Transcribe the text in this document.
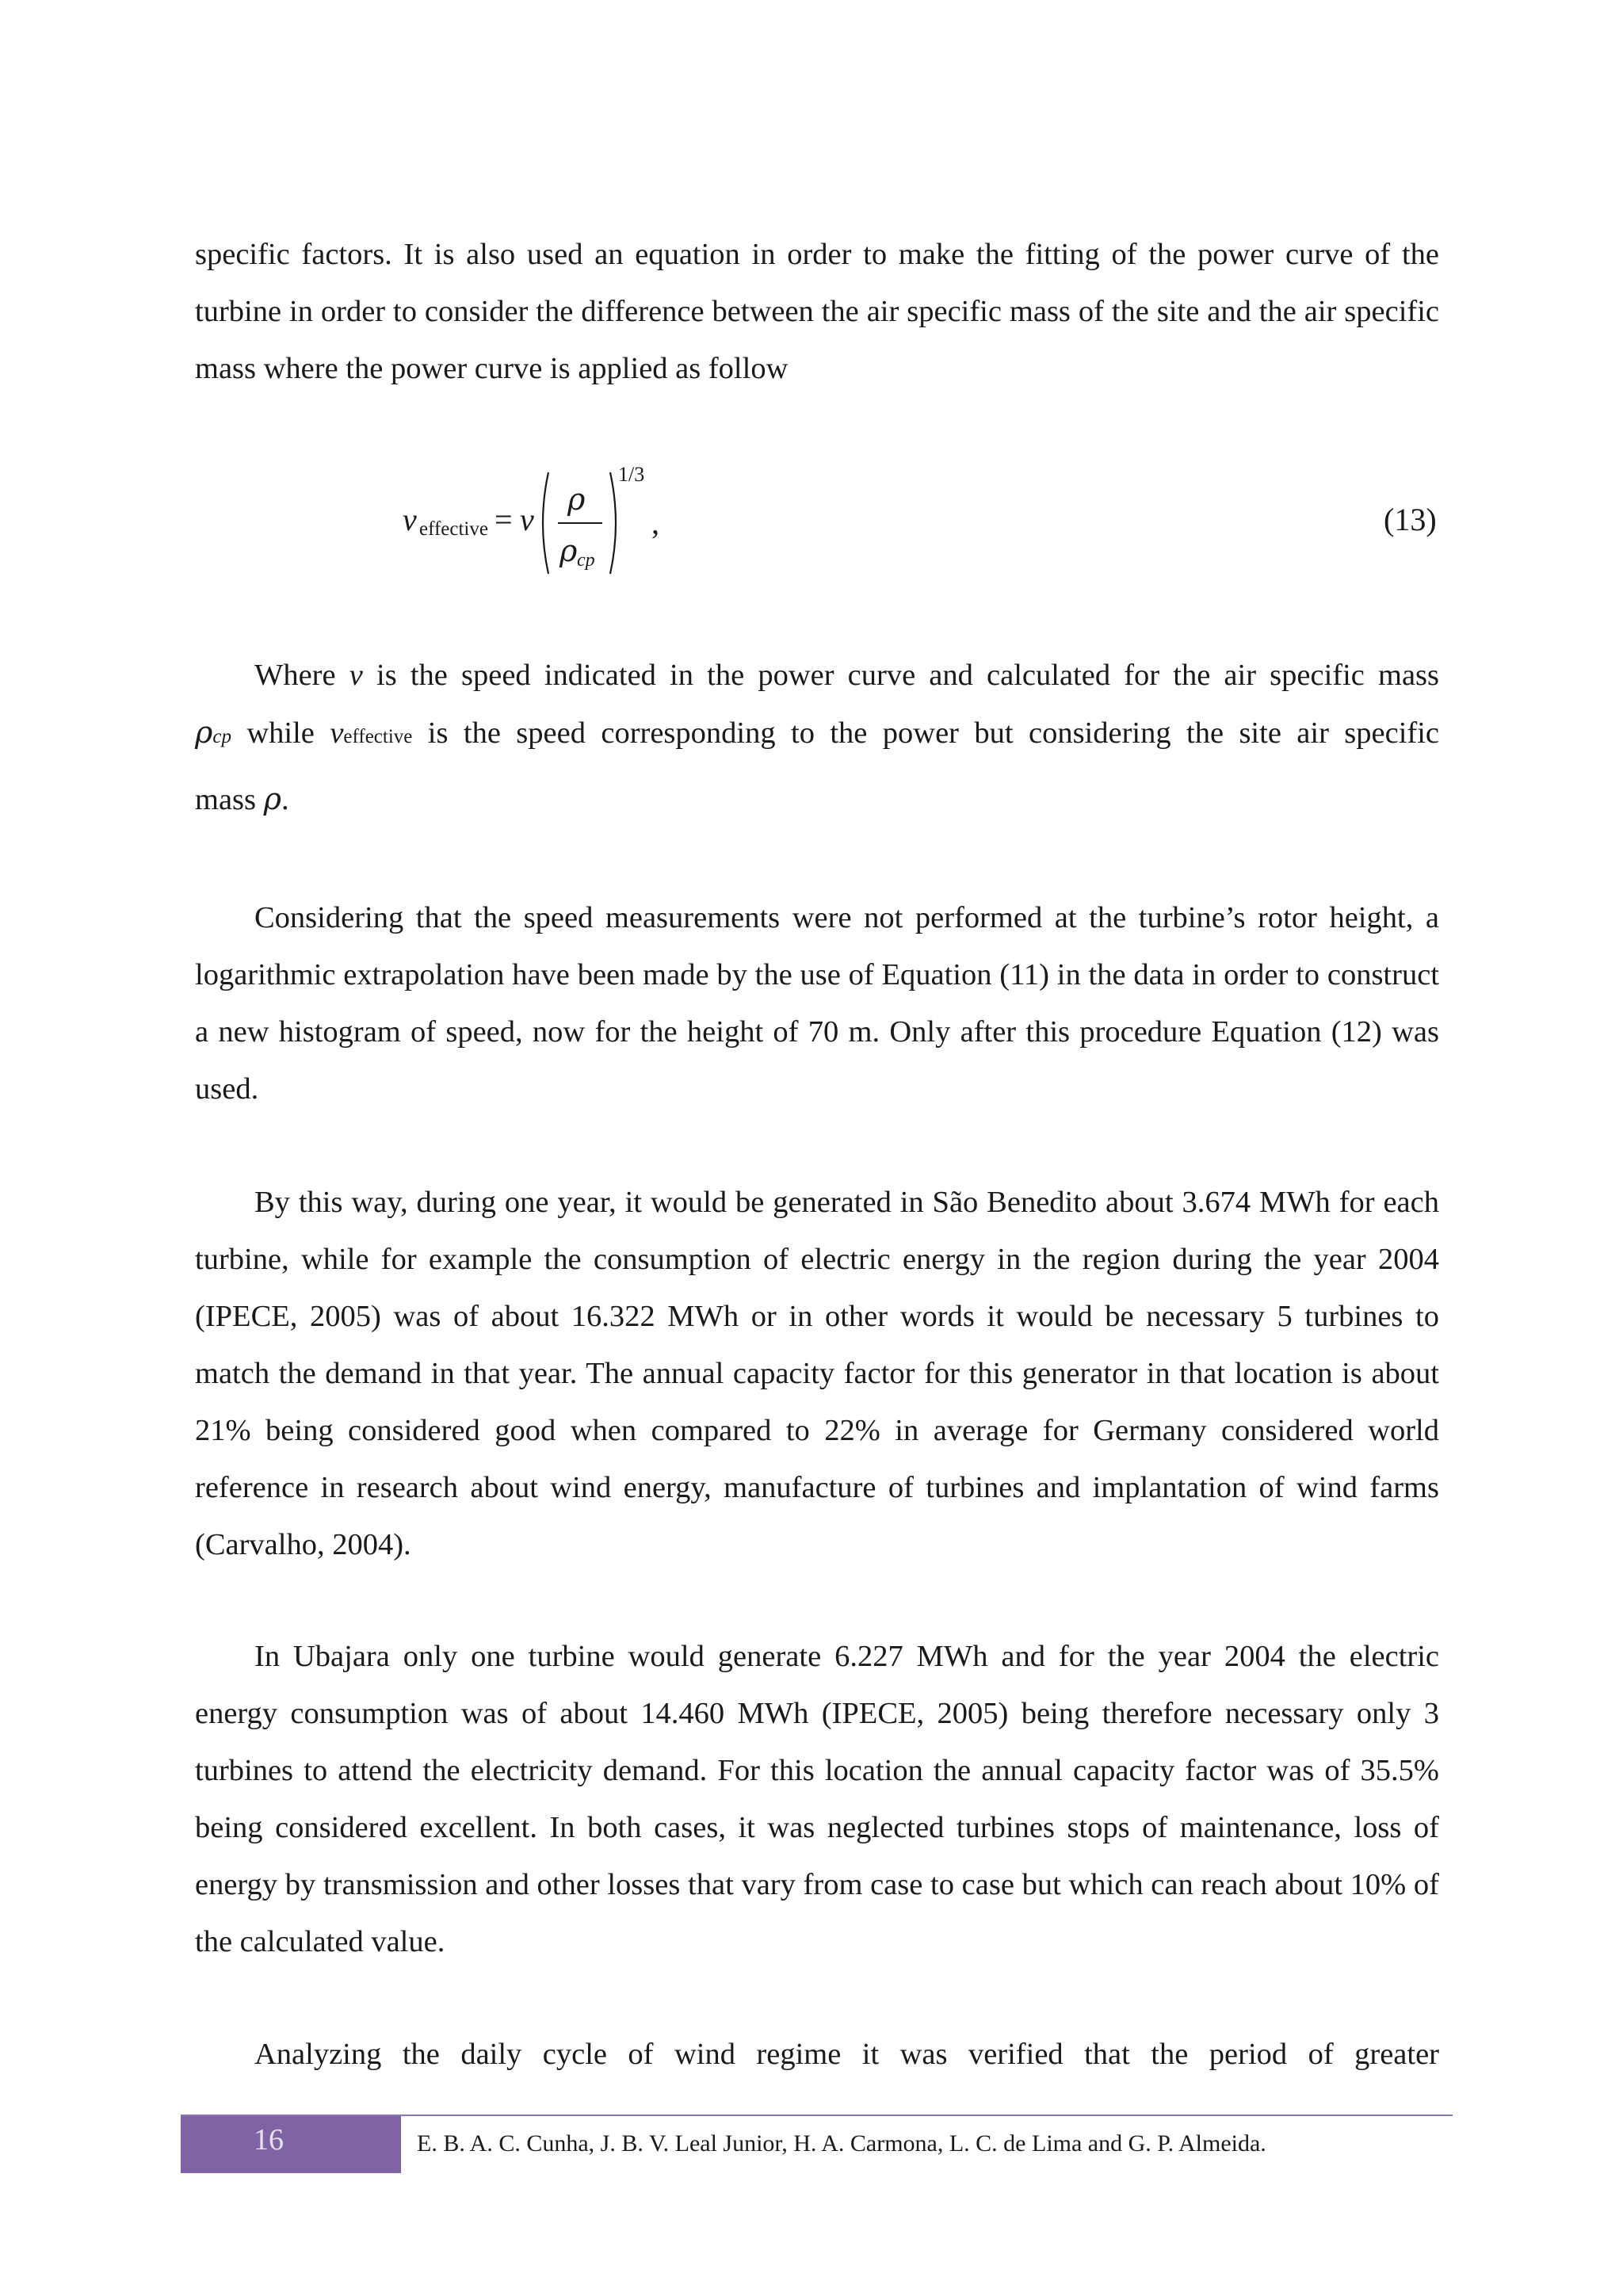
specific factors. It is also used an equation in order to make the fitting of the power curve of the turbine in order to consider the difference between the air specific mass of the site and the air specific mass where the power curve is applied as follow

v effective = v
ρ
ρ cp
1/3
,	(13)
Where v is the speed indicated in the power curve and calculated for the air specific mass
ρcp while veffective is the speed corresponding to the power but considering the site air specific
mass ρ.

Considering that the speed measurements were not performed at the turbine’s rotor height, a logarithmic extrapolation have been made by the use of Equation (11) in the data in order to construct a new histogram of speed, now for the height of 70 m. Only after this procedure Equation (12) was used.

By this way, during one year, it would be generated in São Benedito about 3.674 MWh for each turbine, while for example the consumption of electric energy in the region during the year 2004 (IPECE, 2005) was of about 16.322 MWh or in other words it would be necessary 5 turbines to match the demand in that year. The annual capacity factor for this generator in that location is about 21% being considered good when compared to 22% in average for Germany considered world reference in research about wind energy, manufacture of turbines and implantation of wind farms (Carvalho, 2004).

In Ubajara only one turbine would generate 6.227 MWh and for the year 2004 the electric energy consumption was of about 14.460 MWh (IPECE, 2005) being therefore necessary only 3 turbines to attend the electricity demand. For this location the annual capacity factor was of 35.5% being considered excellent. In both cases, it was neglected turbines stops of maintenance, loss of energy by transmission and other losses that vary from case to case but which can reach about 10% of the calculated value.

Analyzing the daily cycle of wind regime it was verified that the period of greater

16	E. B. A. C. Cunha, J. B. V. Leal Junior, H. A. Carmona, L. C. de Lima and G. P. Almeida.
